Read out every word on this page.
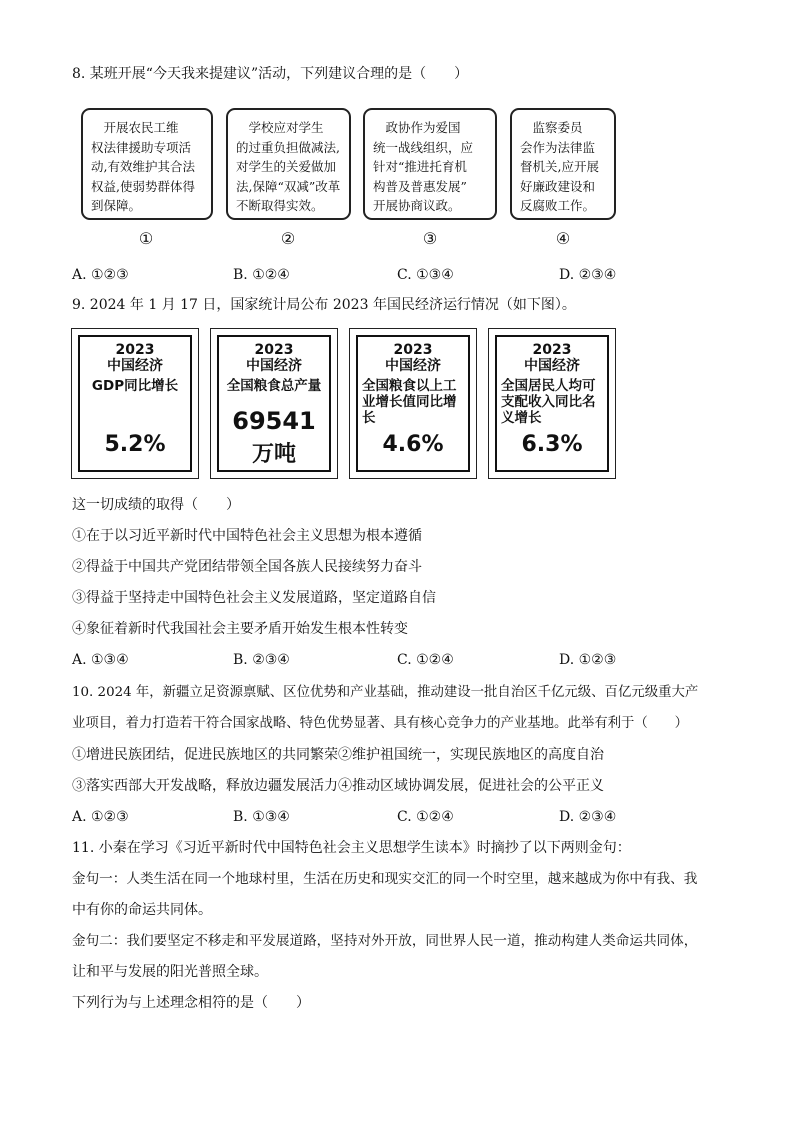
8. 某班开展“今天我来提建议”活动，下列建议合理的是（　　）
　开展农民工维
权法律援助专项活
动,有效维护其合法
权益,使弱势群体得
到保障。
　学校应对学生
的过重负担做减法,
对学生的关爱做加
法,保障“双减”改革
不断取得实效。
　政协作为爱国
统一战线组织，应
针对“推进托育机
构普及普惠发展”
开展协商议政。
　监察委员
会作为法律监
督机关,应开展
好廉政建设和
反腐败工作。
①	②	③	④
A. ①②③	B. ①②④	C. ①③④	D. ②③④
9. 2024 年 1 月 17 日，国家统计局公布 2023 年国民经济运行情况（如下图）。
2023
中国经济
GDP同比增长
5.2%
2023
中国经济
全国粮食总产量
69541
万吨
2023
中国经济
全国粮食以上工业增长值同比增长
4.6%
2023
中国经济
全国居民人均可支配收入同比名义增长
6.3%
这一切成绩的取得（　　）
①在于以习近平新时代中国特色社会主义思想为根本遵循
②得益于中国共产党团结带领全国各族人民接续努力奋斗
③得益于坚持走中国特色社会主义发展道路，坚定道路自信
④象征着新时代我国社会主要矛盾开始发生根本性转变
A. ①③④	B. ②③④	C. ①②④	D. ①②③
10. 2024 年，新疆立足资源禀赋、区位优势和产业基础，推动建设一批自治区千亿元级、百亿元级重大产
业项目，着力打造若干符合国家战略、特色优势显著、具有核心竞争力的产业基地。此举有利于（　　）
①增进民族团结，促进民族地区的共同繁荣②维护祖国统一，实现民族地区的高度自治
③落实西部大开发战略，释放边疆发展活力④推动区域协调发展，促进社会的公平正义
A. ①②③	B. ①③④	C. ①②④	D. ②③④
11. 小秦在学习《习近平新时代中国特色社会主义思想学生读本》时摘抄了以下两则金句：
金句一：人类生活在同一个地球村里，生活在历史和现实交汇的同一个时空里，越来越成为你中有我、我
中有你的命运共同体。
金句二：我们要坚定不移走和平发展道路，坚持对外开放，同世界人民一道，推动构建人类命运共同体，
让和平与发展的阳光普照全球。
下列行为与上述理念相符的是（　　）
